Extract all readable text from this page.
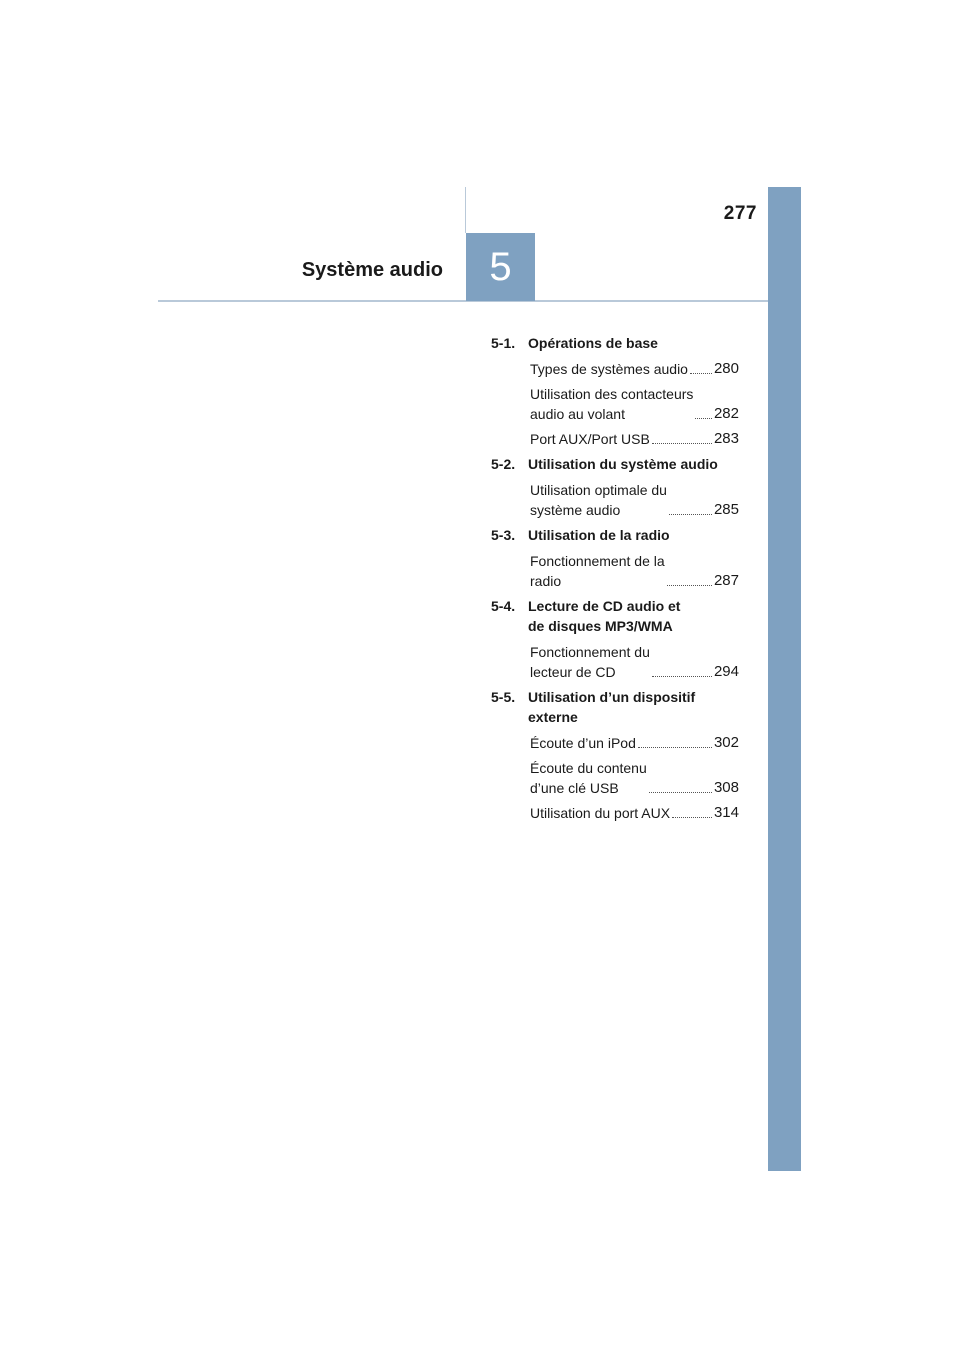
277
Système audio	5
5-1. Opérations de base
Types de systèmes audio 280
Utilisation des contacteurs
audio au volant	282
Port AUX/Port USB	283
5-2. Utilisation du système audio
Utilisation optimale du
système audio	285
5-3. Utilisation de la radio
Fonctionnement de la
radio	287
5-4. Lecture de CD audio et
de disques MP3/WMA
Fonctionnement du
lecteur de CD	294
5-5. Utilisation d’un dispositif
externe
Écoute d’un iPod	302
Écoute du contenu
d’une clé USB	308
Utilisation du port AUX	314
